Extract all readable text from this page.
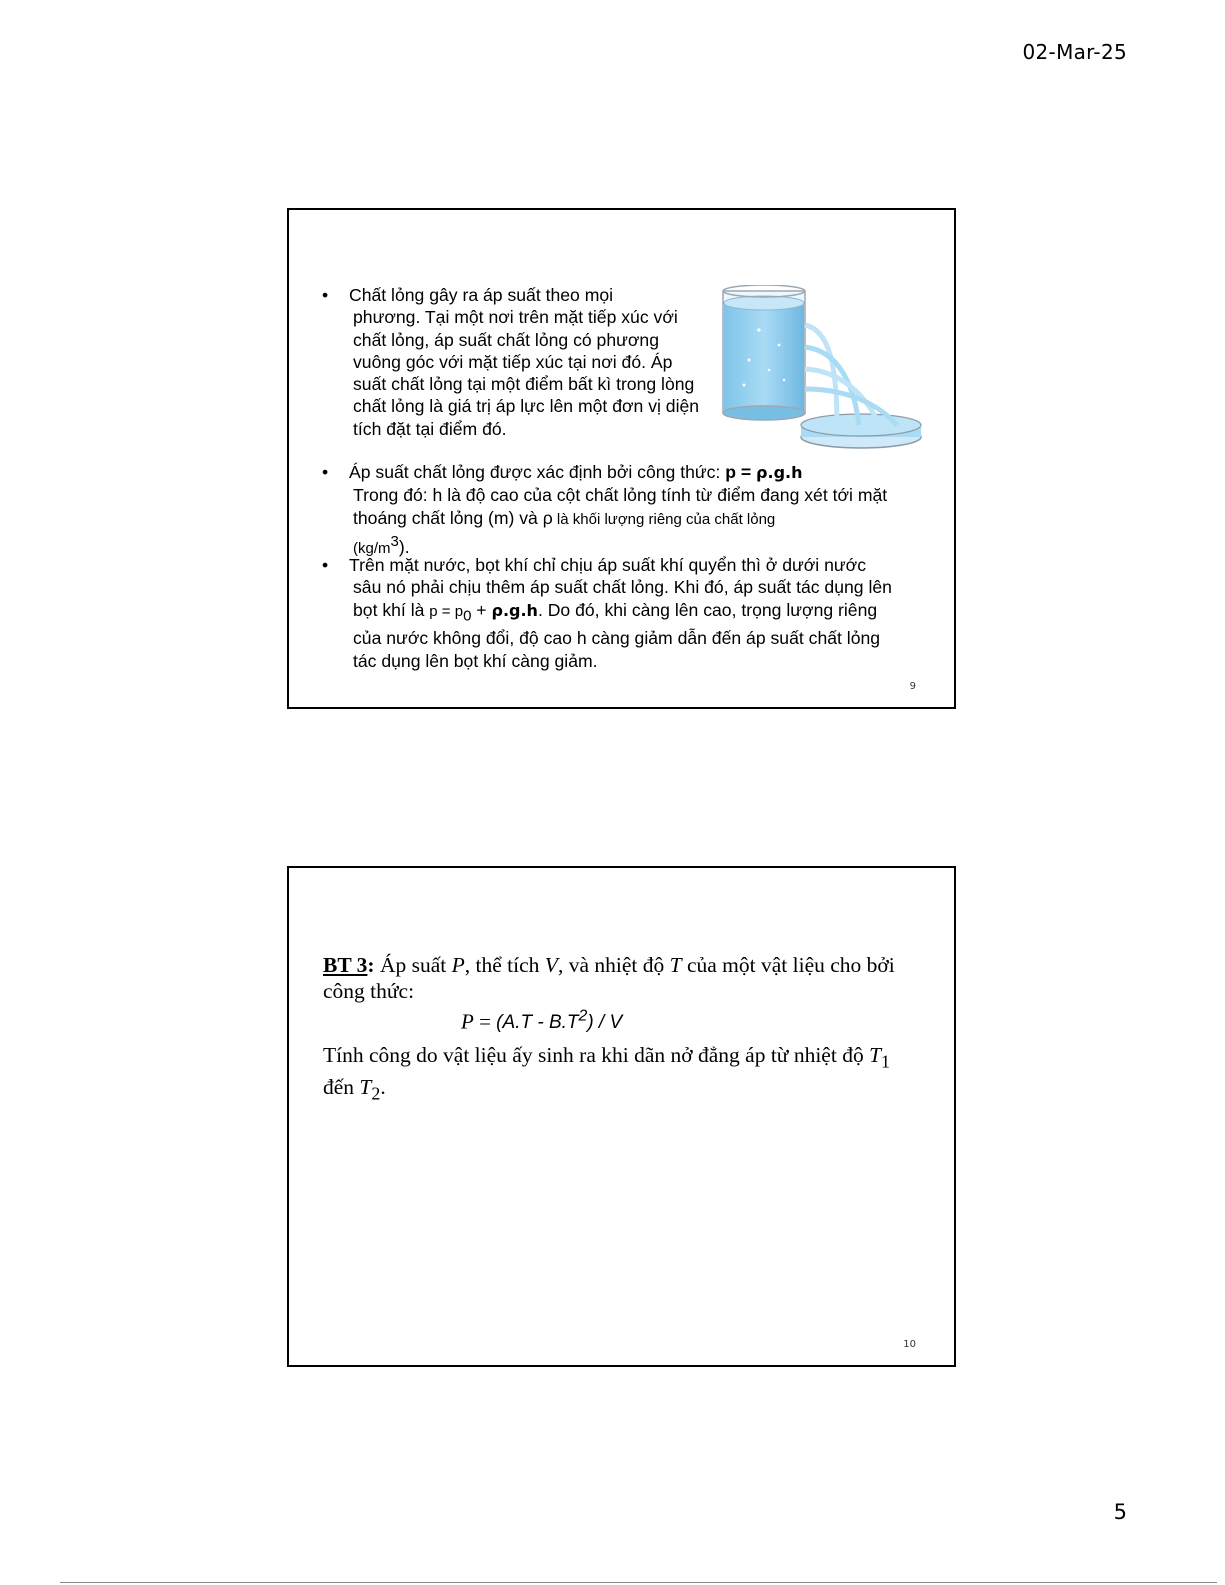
02-Mar-25
• Chất lỏng gây ra áp suất theo mọi
phương. Tại một nơi trên mặt tiếp xúc với chất lỏng, áp suất chất lỏng có phương vuông góc với mặt tiếp xúc tại nơi đó. Áp suất chất lỏng tại một điểm bất kì trong lòng chất lỏng là giá trị áp lực lên một đơn vị diện tích đặt tại điểm đó.
• Áp suất chất lỏng được xác định bởi công thức: p = ρ.g.h
Trong đó: h là độ cao của cột chất lỏng tính từ điểm đang xét tới mặt thoáng chất lỏng (m) và ρ là khối lượng riêng của chất lỏng
$(kg/m^3)$.
• Trên mặt nước, bọt khí chỉ chịu áp suất khí quyển thì ở dưới nước
sâu nó phải chịu thêm áp suất chất lỏng. Khi đó, áp suất tác dụng lên bọt khí là $p = p_0 + \rho.g.h$. Do đó, khi càng lên cao, trọng lượng riêng của nước không đổi, độ cao h càng giảm dẫn đến áp suất chất lỏng tác dụng lên bọt khí càng giảm.
9
BT 3: Áp suất P, thể tích V, và nhiệt độ T của một vật liệu cho bởi công thức:
$P = (A.T - B.T^2) / V$
Tính công do vật liệu ấy sinh ra khi dãn nở đẳng áp từ nhiệt độ $T_1$
đến $T_2$.
10
5
